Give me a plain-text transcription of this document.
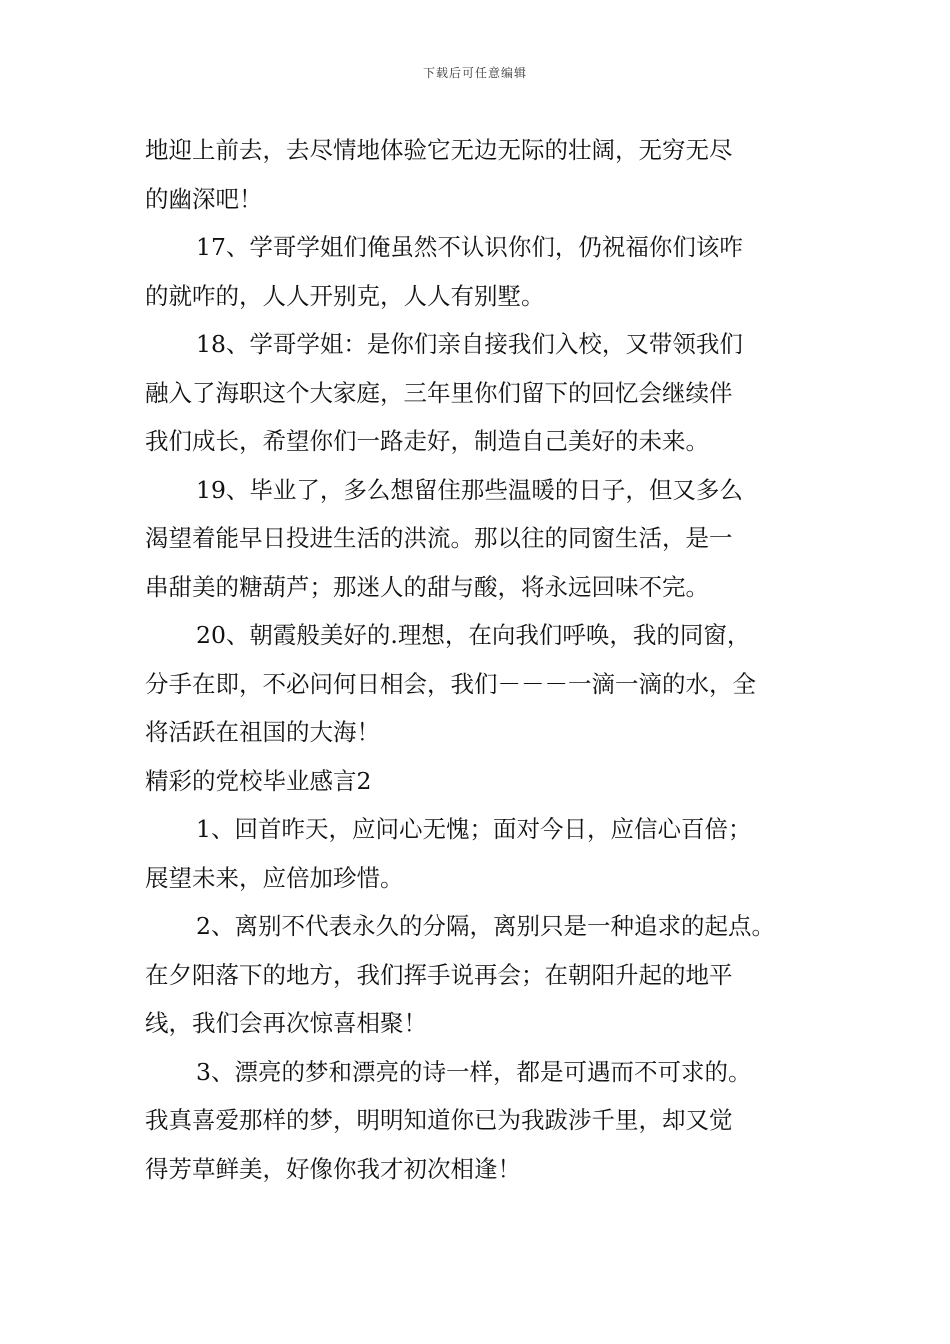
下载后可任意编辑

地迎上前去，去尽情地体验它无边无际的壮阔，无穷无尽

的幽深吧！

17、学哥学姐们俺虽然不认识你们，仍祝福你们该咋

的就咋的，人人开别克，人人有别墅。

18、学哥学姐：是你们亲自接我们入校，又带领我们

融入了海职这个大家庭，三年里你们留下的回忆会继续伴

我们成长，希望你们一路走好，制造自己美好的未来。

19、毕业了，多么想留住那些温暖的日子，但又多么

渴望着能早日投进生活的洪流。那以往的同窗生活，是一

串甜美的糖葫芦；那迷人的甜与酸，将永远回味不完。

20、朝霞般美好的.理想，在向我们呼唤，我的同窗，

分手在即，不必问何日相会，我们－－－一滴一滴的水，全

将活跃在祖国的大海！

精彩的党校毕业感言2

1、回首昨天，应问心无愧；面对今日，应信心百倍；

展望未来，应倍加珍惜。

2、离别不代表永久的分隔，离别只是一种追求的起点。

在夕阳落下的地方，我们挥手说再会；在朝阳升起的地平

线，我们会再次惊喜相聚！

3、漂亮的梦和漂亮的诗一样，都是可遇而不可求的。

我真喜爱那样的梦，明明知道你已为我跋涉千里，却又觉

得芳草鲜美，好像你我才初次相逢！
